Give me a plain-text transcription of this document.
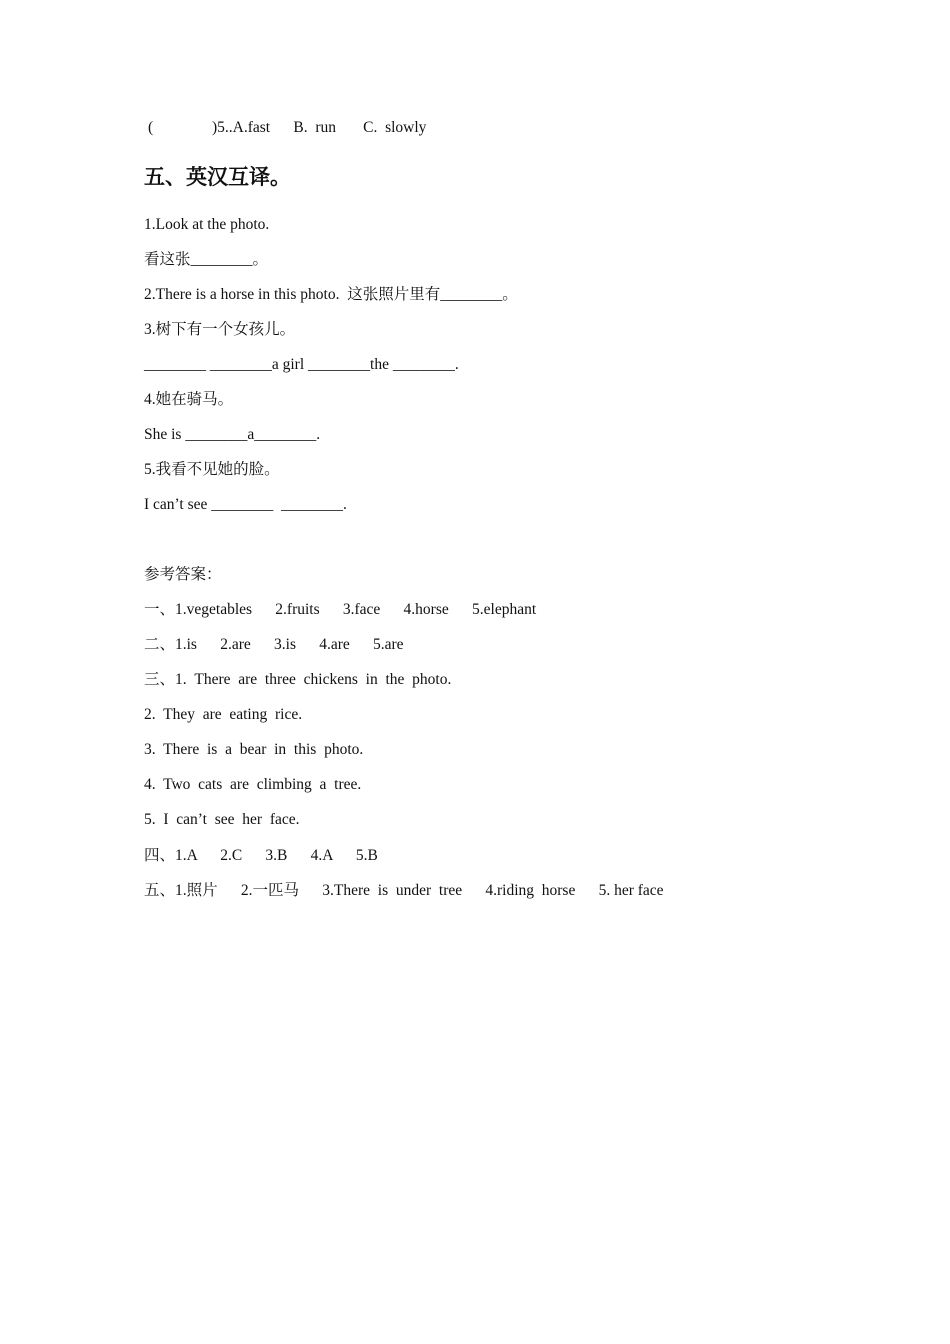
(	)5..A.fast      B.  run       C.  slowly
五、英汉互译。
1.Look at the photo.
看这张________。
2.There is a horse in this photo.  这张照片里有________。
3.树下有一个女孩儿。
________ ________a girl ________the ________.
4.她在骑马。
She is ________a________.
5.我看不见她的脸。
I can’t see ________  ________.
参考答案：
一、1.vegetables      2.fruits      3.face      4.horse      5.elephant
二、1.is      2.are      3.is      4.are      5.are
三、1.  There  are  three  chickens  in  the  photo.
2.  They  are  eating  rice.
3.  There  is  a  bear  in  this  photo.
4.  Two  cats  are  climbing  a  tree.
5.  I  can’t  see  her  face.
四、1.A      2.C      3.B      4.A      5.B
五、1.照片      2.一匹马      3.There  is  under  tree      4.riding  horse      5. her face
